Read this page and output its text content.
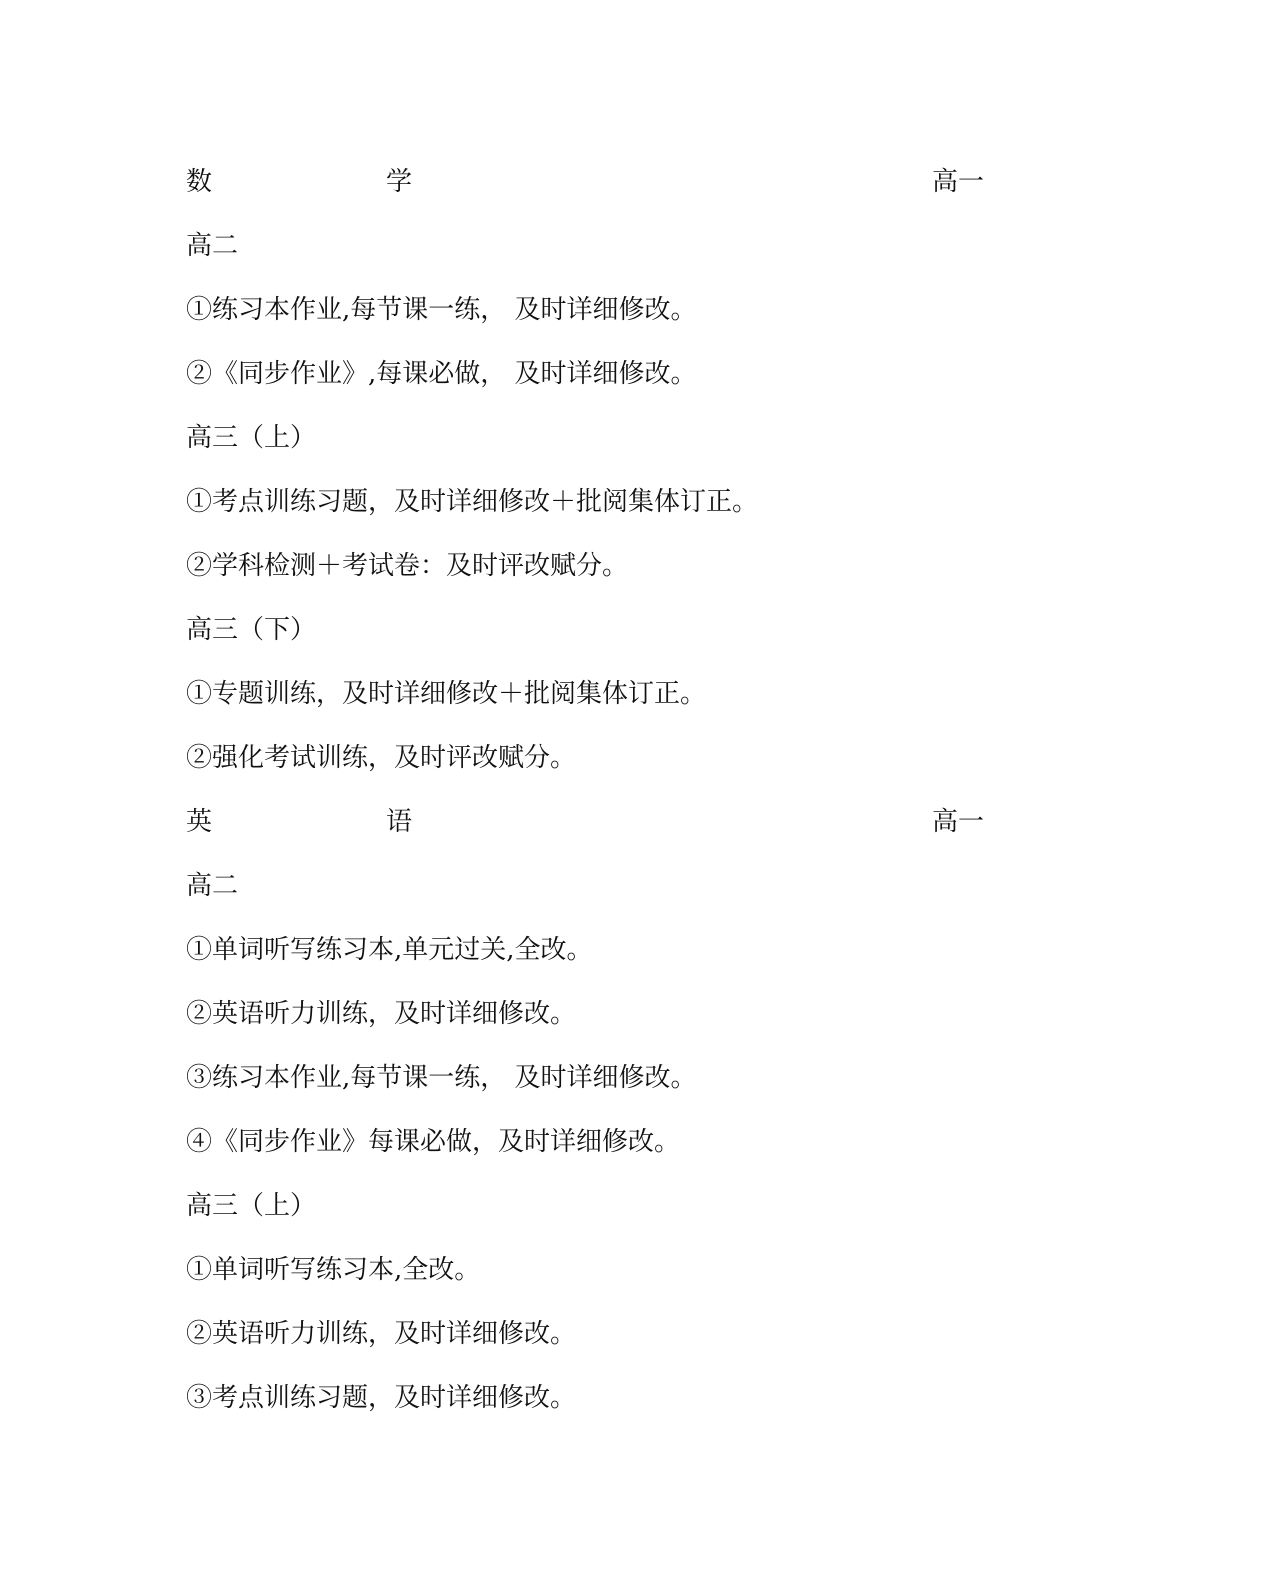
数	学	高一
高二
①练习本作业,每节课一练， 及时详细修改。
②《同步作业》,每课必做， 及时详细修改。
高三（上）
①考点训练习题，及时详细修改＋批阅集体订正。
②学科检测＋考试卷：及时评改赋分。
高三（下）
①专题训练，及时详细修改＋批阅集体订正。
②强化考试训练，及时评改赋分。
英	语	高一
高二
①单词听写练习本,单元过关,全改。
②英语听力训练，及时详细修改。
③练习本作业,每节课一练， 及时详细修改。
④《同步作业》每课必做，及时详细修改。
高三（上）
①单词听写练习本,全改。
②英语听力训练，及时详细修改。
③考点训练习题，及时详细修改。
